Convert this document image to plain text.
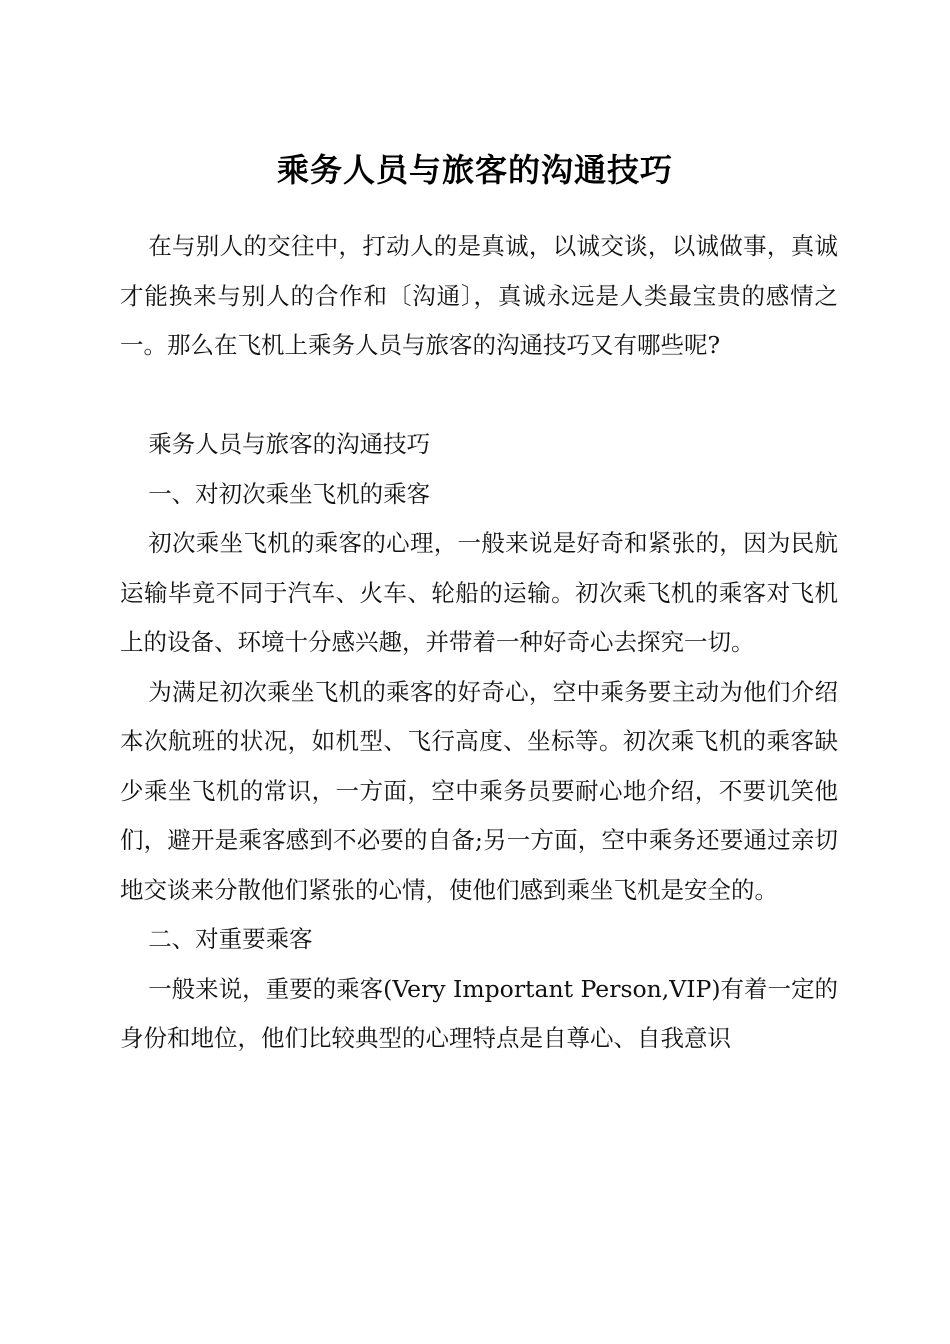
乘务人员与旅客的沟通技巧

在与别人的交往中，打动人的是真诚，以诚交谈，以诚做事，真诚才能换来与别人的合作和〔沟通〕，真诚永远是人类最宝贵的感情之一。那么在飞机上乘务人员与旅客的沟通技巧又有哪些呢?

乘务人员与旅客的沟通技巧

一、对初次乘坐飞机的乘客

初次乘坐飞机的乘客的心理，一般来说是好奇和紧张的，因为民航运输毕竟不同于汽车、火车、轮船的运输。初次乘飞机的乘客对飞机上的设备、环境十分感兴趣，并带着一种好奇心去探究一切。

为满足初次乘坐飞机的乘客的好奇心，空中乘务要主动为他们介绍本次航班的状况，如机型、飞行高度、坐标等。初次乘飞机的乘客缺少乘坐飞机的常识，一方面，空中乘务员要耐心地介绍，不要讥笑他们，避开是乘客感到不必要的自备;另一方面，空中乘务还要通过亲切地交谈来分散他们紧张的心情，使他们感到乘坐飞机是安全的。

二、对重要乘客

一般来说，重要的乘客(Very Important Person,VIP)有着一定的身份和地位，他们比较典型的心理特点是自尊心、自我意识
